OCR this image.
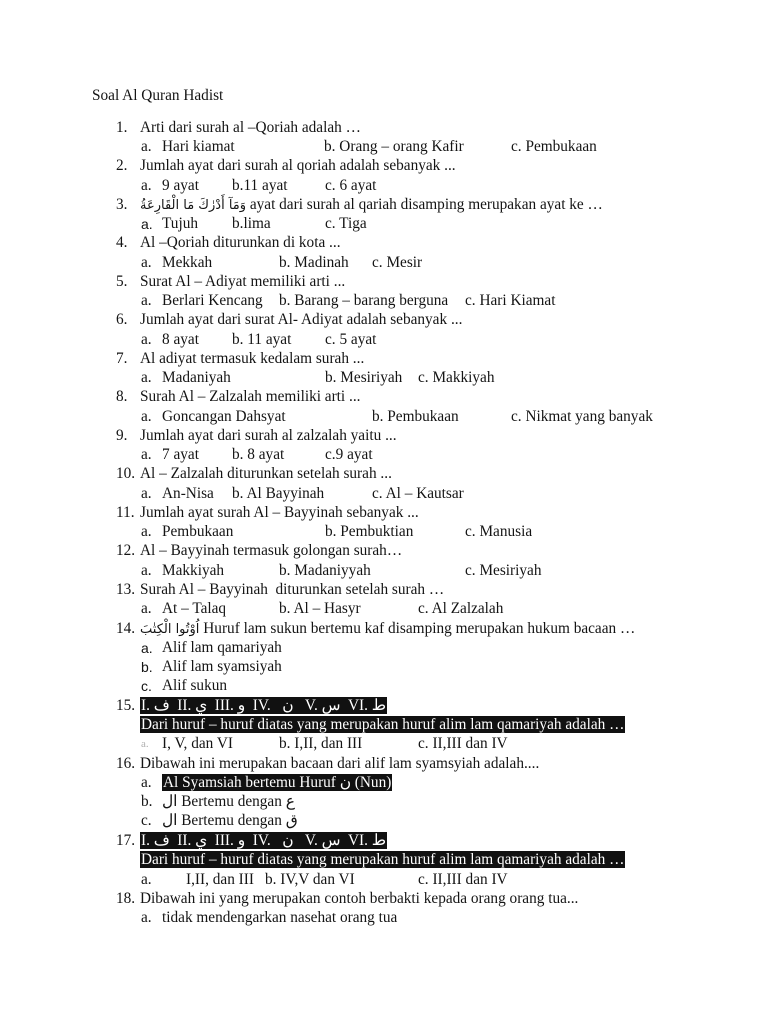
Soal Al Quran Hadist
1. Arti dari surah al –Qoriah adalah …
a. Hari kiamat	b. Orang – orang Kafir	c. Pembukaan
2. Jumlah ayat dari surah al qoriah adalah sebanyak ...
a. 9 ayat b.11 ayat c. 6 ayat
3. وَمَآ أَدْرٰكَ مَا الْقَارِعَةُ ayat dari surah al qariah disamping merupakan ayat ke …
a. Tujuh b.lima	c. Tiga
4. Al –Qoriah diturunkan di kota ...
a. Mekkah	b. Madinah c. Mesir
5. Surat Al – Adiyat memiliki arti ...
a. Berlari Kencang b. Barang – barang berguna c. Hari Kiamat
6. Jumlah ayat dari surat Al- Adiyat adalah sebanyak ...
a. 8 ayat b. 11 ayat c. 5 ayat
7. Al adiyat termasuk kedalam surah ...
a. Madaniyah	b. Mesiriyah c. Makkiyah
8. Surah Al – Zalzalah memiliki arti ...
a. Goncangan Dahsyat	b. Pembukaan	c. Nikmat yang banyak
9. Jumlah ayat dari surah al zalzalah yaitu ...
a. 7 ayat b. 8 ayat	c.9 ayat
10. Al – Zalzalah diturunkan setelah surah ...
a. An-Nisa b. Al Bayyinah	c. Al – Kautsar
11. Jumlah ayat surah Al – Bayyinah sebanyak ...
a. Pembukaan	b. Pembuktian	c. Manusia
12. Al – Bayyinah termasuk golongan surah…
a. Makkiyah	b. Madaniyyah	c. Mesiriyah
13. Surah Al – Bayyinah  diturunkan setelah surah …
a. At – Talaq	b. Al – Hasyr	c. Al Zalzalah
14. اُوْتُوا الْكِتٰبَ Huruf lam sukun bertemu kaf disamping merupakan hukum bacaan …
a. Alif lam qamariyah
b. Alif lam syamsiyah
c. Alif sukun
15. I. ف  II. ي  III. و  IV.   ن   V. س  VI. ط
Dari huruf – huruf diatas yang merupakan huruf alim lam qamariyah adalah …
a. I, V, dan VI	b. I,II, dan III	c. II,III dan IV
16. Dibawah ini merupakan bacaan dari alif lam syamsyiah adalah....
a. Al Syamsiah bertemu Huruf ن (Nun)
b. ال Bertemu dengan ع
c. ال Bertemu dengan ق
17. I. ف  II. ي  III. و  IV.   ن   V. س  VI. ط
Dari huruf – huruf diatas yang merupakan huruf alim lam qamariyah adalah …
a. I,II, dan III b. IV,V dan VI	c. II,III dan IV
18. Dibawah ini yang merupakan contoh berbakti kepada orang orang tua...
a. tidak mendengarkan nasehat orang tua
